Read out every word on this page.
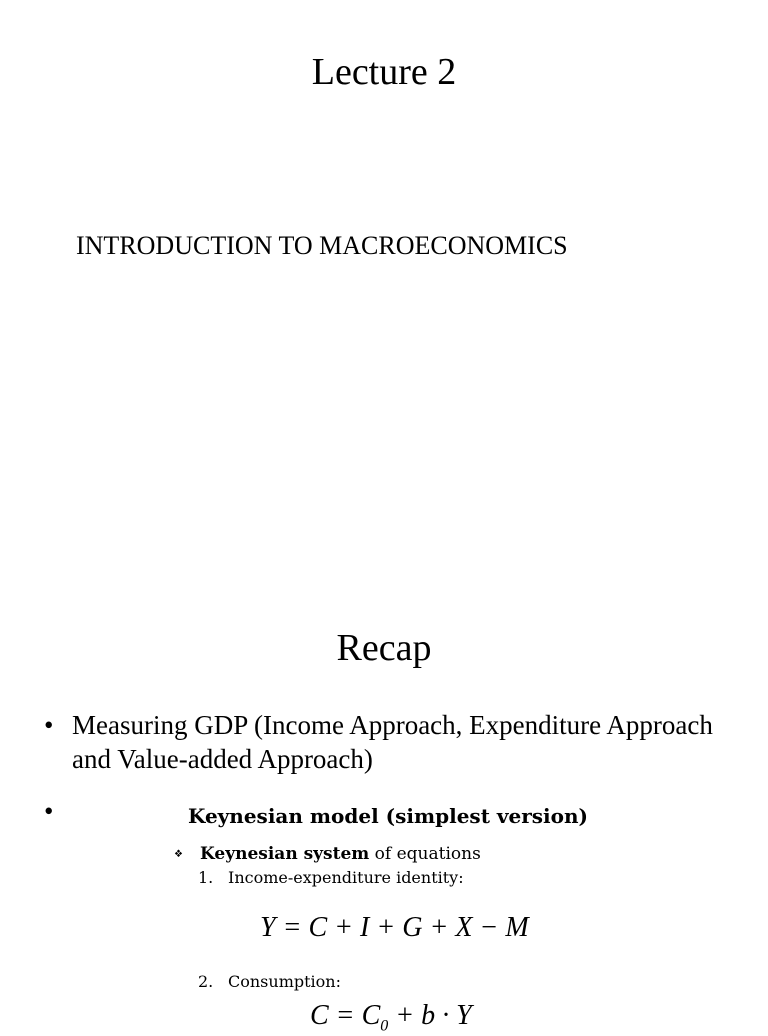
Lecture 2

INTRODUCTION TO MACROECONOMICS

Recap
• Measuring GDP (Income Approach, Expenditure Approach and Value-added Approach)
•	Keynesian model (simplest version)

❖ Keynesian system of equations
1. Income-expenditure identity:
Y = C + I + G + X − M
2. Consumption:
$C = C_0 + b \cdot Y$
